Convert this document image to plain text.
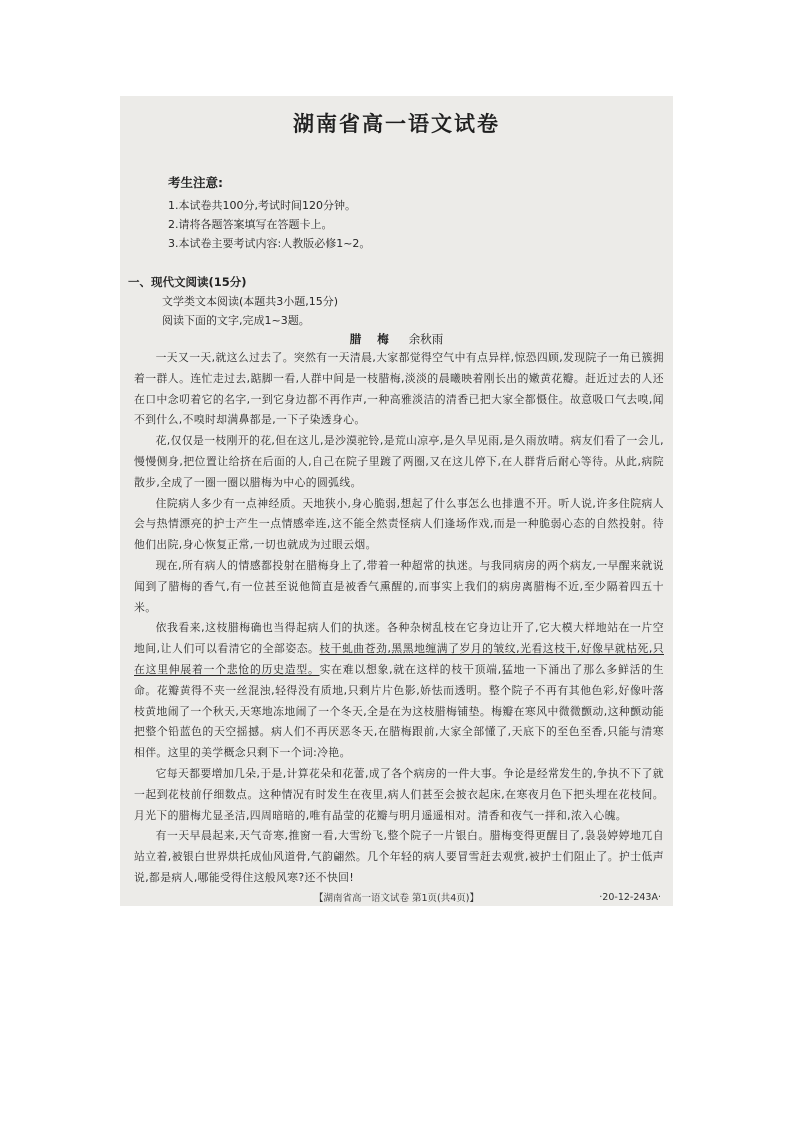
湖南省高一语文试卷
考生注意:
1.本试卷共100分,考试时间120分钟。
2.请将各题答案填写在答题卡上。
3.本试卷主要考试内容:人教版必修1~2。
一、现代文阅读(15分)
文学类文本阅读(本题共3小题,15分)
阅读下面的文字,完成1~3题。
腊 梅 余秋雨

一天又一天,就这么过去了。突然有一天清晨,大家都觉得空气中有点异样,惊恐四顾,发现院子一角已簇拥着一群人。连忙走过去,踮脚一看,人群中间是一枝腊梅,淡淡的晨曦映着刚长出的嫩黄花瓣。赶近过去的人还在口中念叨着它的名字,一到它身边都不再作声,一种高雅淡洁的清香已把大家全都慑住。故意吸口气去嗅,闻不到什么,不嗅时却满鼻都是,一下子染透身心。

花,仅仅是一枝刚开的花,但在这儿,是沙漠驼铃,是荒山凉亭,是久旱见雨,是久雨放晴。病友们看了一会儿,慢慢侧身,把位置让给挤在后面的人,自己在院子里踱了两圈,又在这儿停下,在人群背后耐心等待。从此,病院散步,全成了一圈一圈以腊梅为中心的圆弧线。

住院病人多少有一点神经质。天地狭小,身心脆弱,想起了什么事怎么也排遣不开。听人说,许多住院病人会与热情漂亮的护士产生一点情感牵连,这不能全然责怪病人们逢场作戏,而是一种脆弱心态的自然投射。待他们出院,身心恢复正常,一切也就成为过眼云烟。

现在,所有病人的情感都投射在腊梅身上了,带着一种超常的执迷。与我同病房的两个病友,一早醒来就说闻到了腊梅的香气,有一位甚至说他简直是被香气熏醒的,而事实上我们的病房离腊梅不近,至少隔着四五十米。

依我看来,这枝腊梅确也当得起病人们的执迷。各种杂树乱枝在它身边让开了,它大模大样地站在一片空地间,让人们可以看清它的全部姿态。枝干虬曲苍劲,黑黑地缠满了岁月的皱纹,光看这枝干,好像早就枯死,只在这里伸展着一个悲怆的历史造型。实在难以想象,就在这样的枝干顶端,猛地一下涌出了那么多鲜活的生命。花瓣黄得不夹一丝混浊,轻得没有质地,只剩片片色影,娇怯而透明。整个院子不再有其他色彩,好像叶落枝黄地闹了一个秋天,天寒地冻地闹了一个冬天,全是在为这枝腊梅铺垫。梅瓣在寒风中微微颤动,这种颤动能把整个铅蓝色的天空摇撼。病人们不再厌恶冬天,在腊梅跟前,大家全部懂了,天底下的至色至香,只能与清寒相伴。这里的美学概念只剩下一个词:冷艳。

它每天都要增加几朵,于是,计算花朵和花蕾,成了各个病房的一件大事。争论是经常发生的,争执不下了就一起到花枝前仔细数点。这种情况有时发生在夜里,病人们甚至会披衣起床,在寒夜月色下把头埋在花枝间。月光下的腊梅尤显圣洁,四周暗暗的,唯有晶莹的花瓣与明月遥遥相对。清香和夜气一拌和,浓入心魄。

有一天早晨起来,天气奇寒,推窗一看,大雪纷飞,整个院子一片银白。腊梅变得更醒目了,袅袅婷婷地兀自站立着,被银白世界烘托成仙风道骨,气韵翩然。几个年轻的病人要冒雪赶去观赏,被护士们阻止了。护士低声说,都是病人,哪能受得住这般风寒?还不快回!

【湖南省高一语文试卷 第1页(共4页)】	·20-12-243A·
